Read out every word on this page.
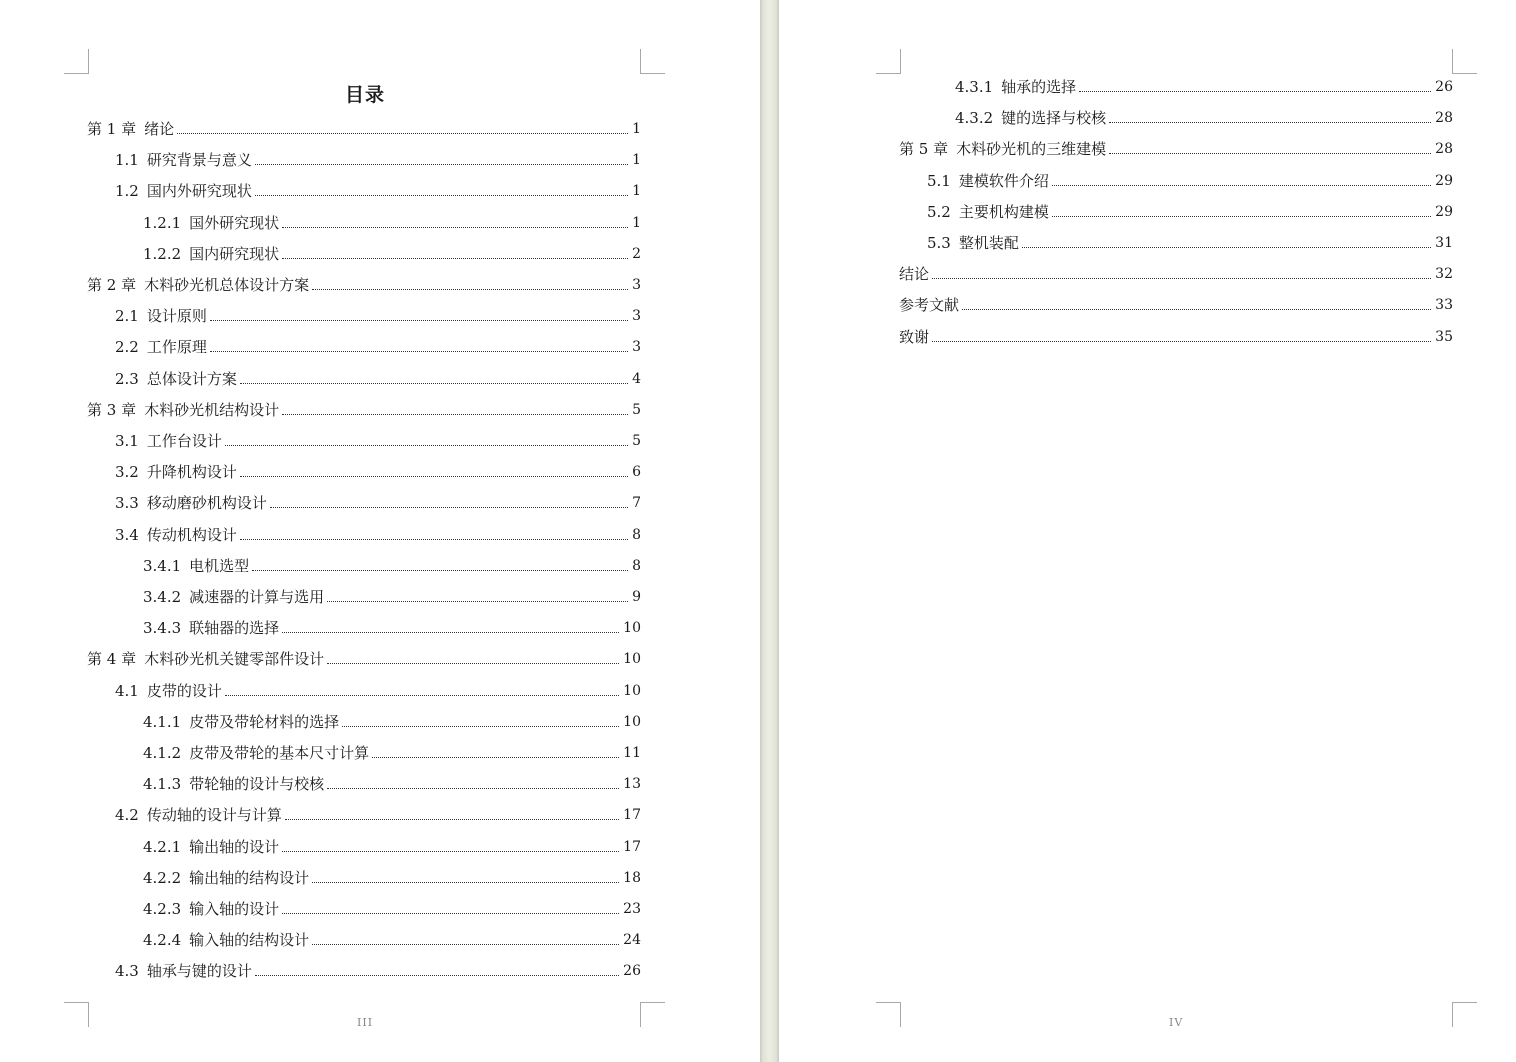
目录
第 1 章 绪论	1
1.1 研究背景与意义	1
1.2 国内外研究现状	1
1.2.1 国外研究现状	1
1.2.2 国内研究现状	2
第 2 章 木料砂光机总体设计方案	3
2.1 设计原则	3
2.2 工作原理	3
2.3 总体设计方案	4
第 3 章 木料砂光机结构设计	5
3.1 工作台设计	5
3.2 升降机构设计	6
3.3 移动磨砂机构设计	7
3.4 传动机构设计	8
3.4.1 电机选型	8
3.4.2 减速器的计算与选用	9
3.4.3 联轴器的选择	10
第 4 章 木料砂光机关键零部件设计	10
4.1 皮带的设计	10
4.1.1 皮带及带轮材料的选择	10
4.1.2 皮带及带轮的基本尺寸计算	11
4.1.3 带轮轴的设计与校核	13
4.2 传动轴的设计与计算	17
4.2.1 输出轴的设计	17
4.2.2 输出轴的结构设计	18
4.2.3 输入轴的设计	23
4.2.4 输入轴的结构设计	24
4.3 轴承与键的设计	26
III
4.3.1 轴承的选择	26
4.3.2 键的选择与校核	28
第 5 章 木料砂光机的三维建模	28
5.1 建模软件介绍	29
5.2 主要机构建模	29
5.3 整机装配	31
结论	32
参考文献	33
致谢	35
IV
